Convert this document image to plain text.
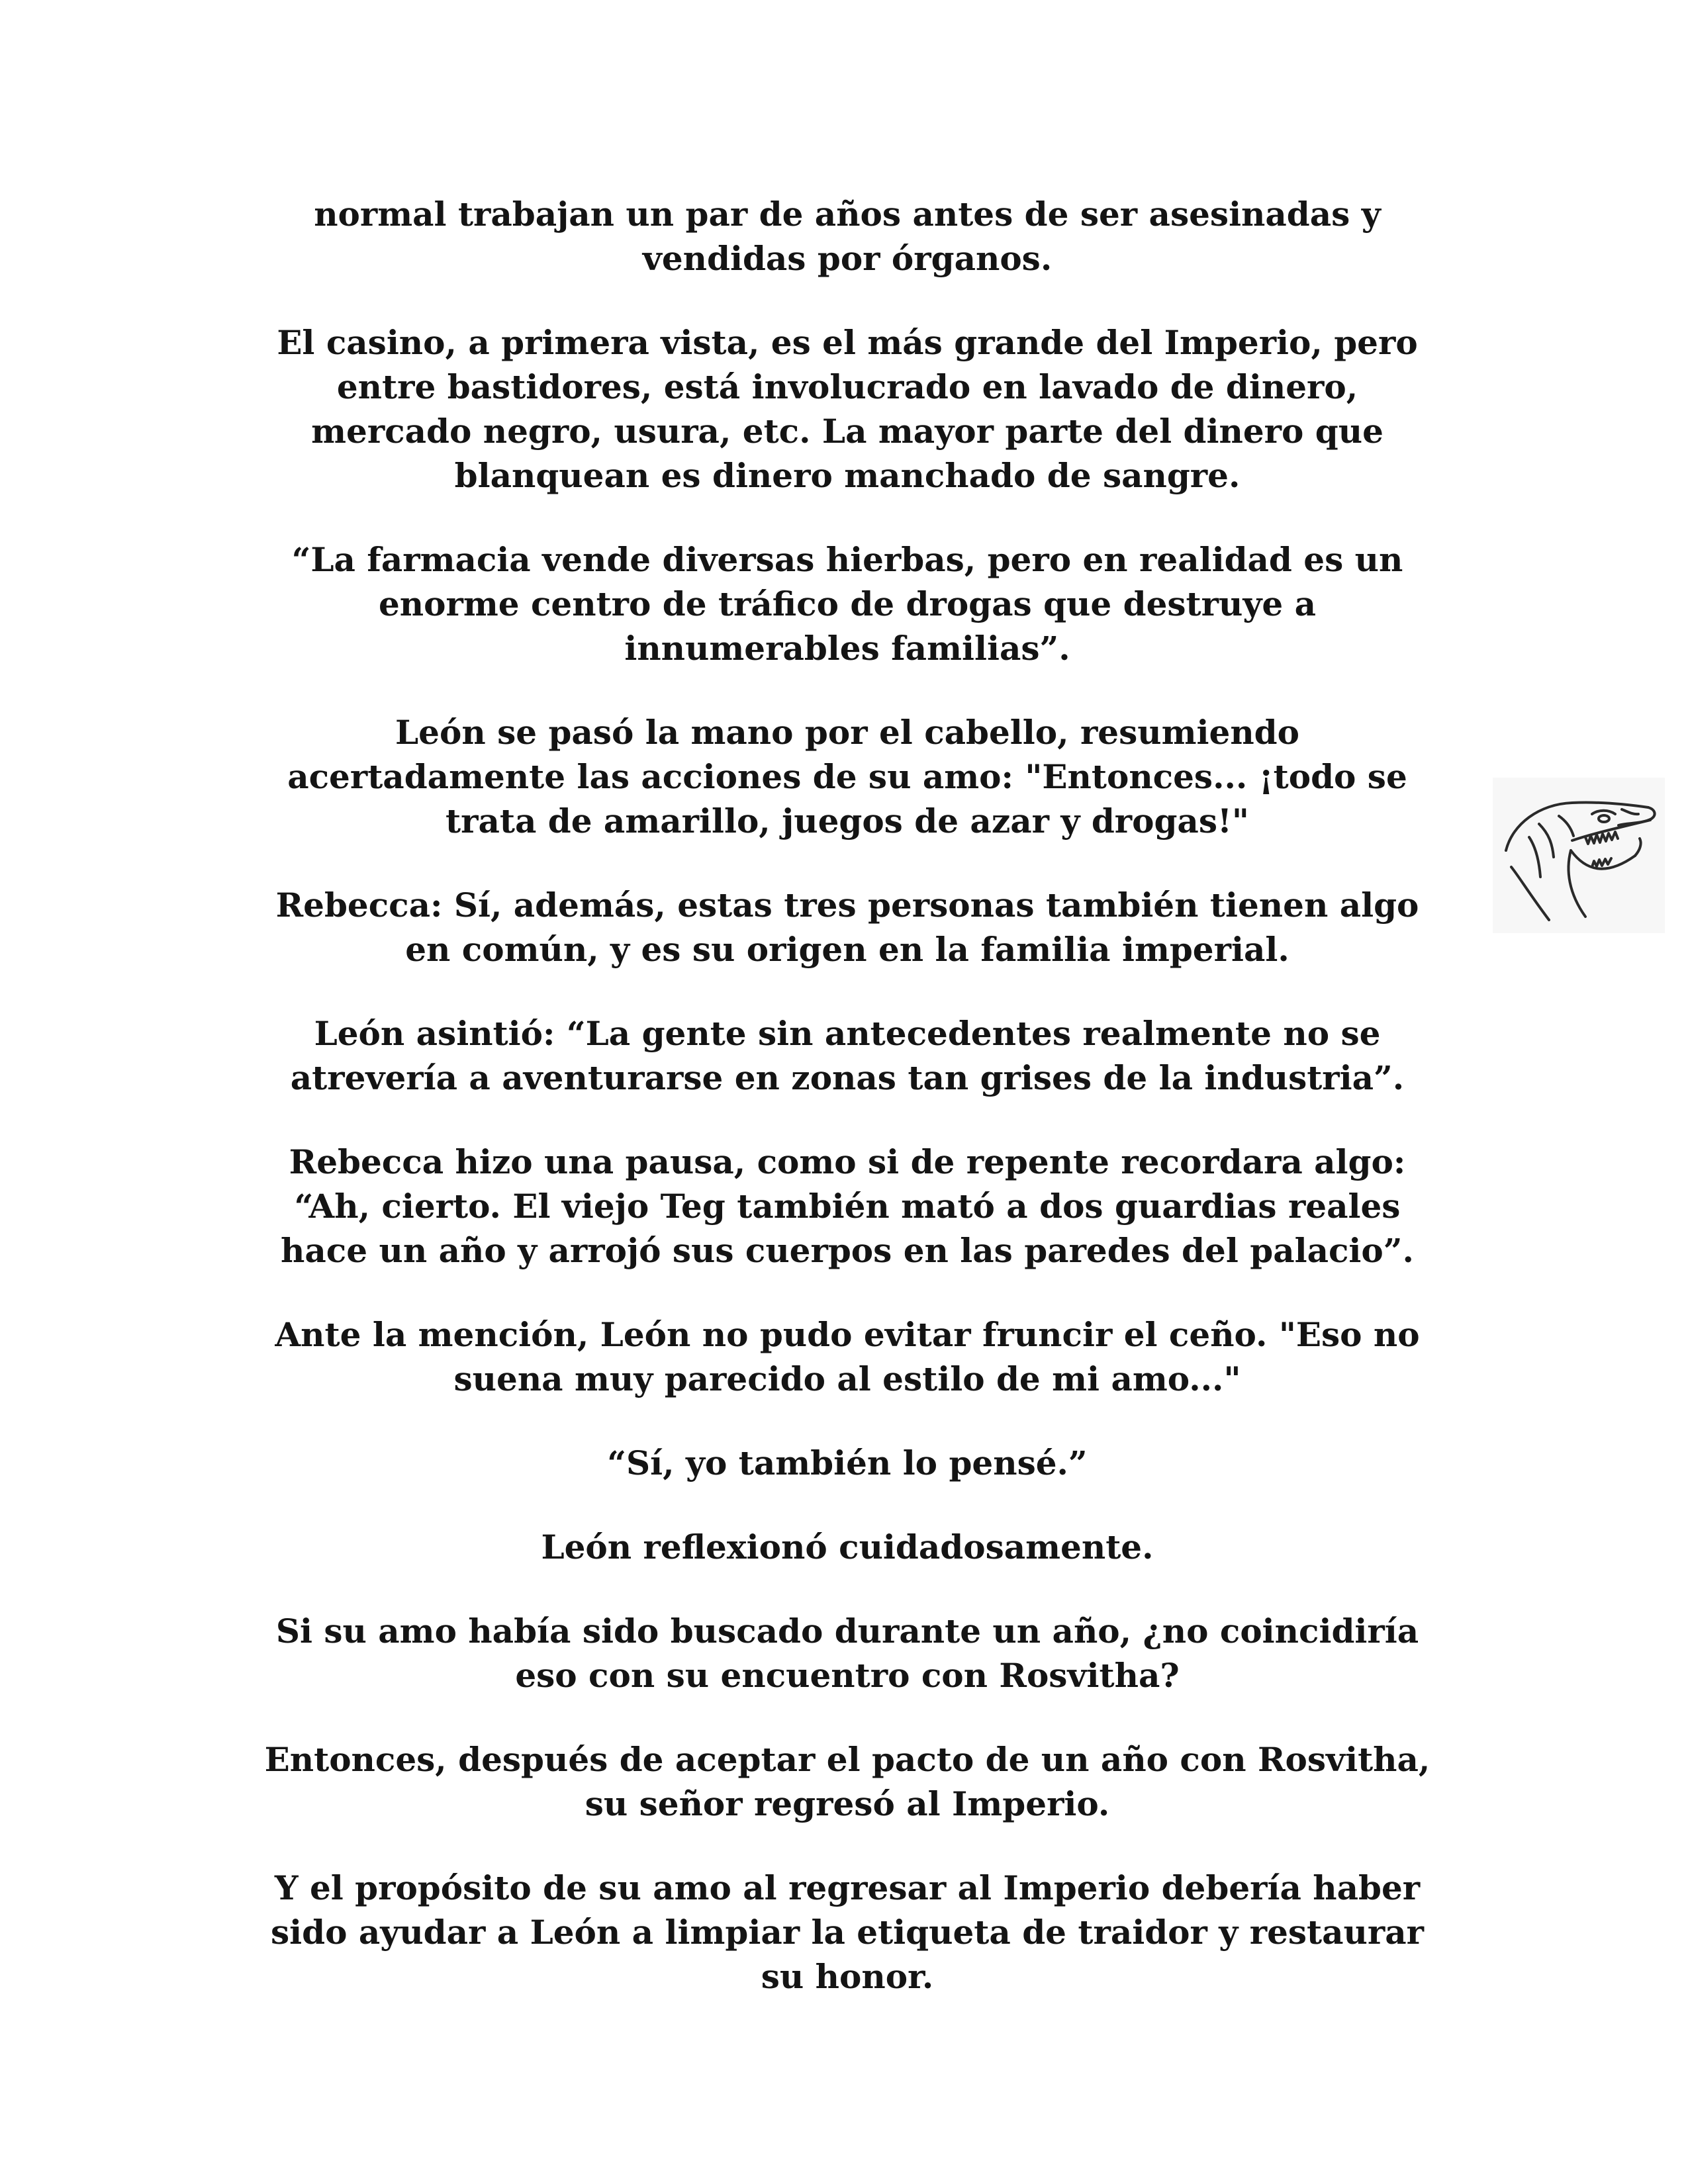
normal trabajan un par de años antes de ser asesinadas y
vendidas por órganos.

El casino, a primera vista, es el más grande del Imperio, pero
entre bastidores, está involucrado en lavado de dinero,
mercado negro, usura, etc. La mayor parte del dinero que
blanquean es dinero manchado de sangre.

“La farmacia vende diversas hierbas, pero en realidad es un
enorme centro de tráfico de drogas que destruye a
innumerables familias”.

León se pasó la mano por el cabello, resumiendo
acertadamente las acciones de su amo: "Entonces... ¡todo se
trata de amarillo, juegos de azar y drogas!"

Rebecca: Sí, además, estas tres personas también tienen algo
en común, y es su origen en la familia imperial.

León asintió: “La gente sin antecedentes realmente no se
atrevería a aventurarse en zonas tan grises de la industria”.

Rebecca hizo una pausa, como si de repente recordara algo:
“Ah, cierto. El viejo Teg también mató a dos guardias reales
hace un año y arrojó sus cuerpos en las paredes del palacio”.

Ante la mención, León no pudo evitar fruncir el ceño. "Eso no
suena muy parecido al estilo de mi amo..."

“Sí, yo también lo pensé.”

León reflexionó cuidadosamente.

Si su amo había sido buscado durante un año, ¿no coincidiría
eso con su encuentro con Rosvitha?

Entonces, después de aceptar el pacto de un año con Rosvitha,
su señor regresó al Imperio.

Y el propósito de su amo al regresar al Imperio debería haber
sido ayudar a León a limpiar la etiqueta de traidor y restaurar
su honor.
